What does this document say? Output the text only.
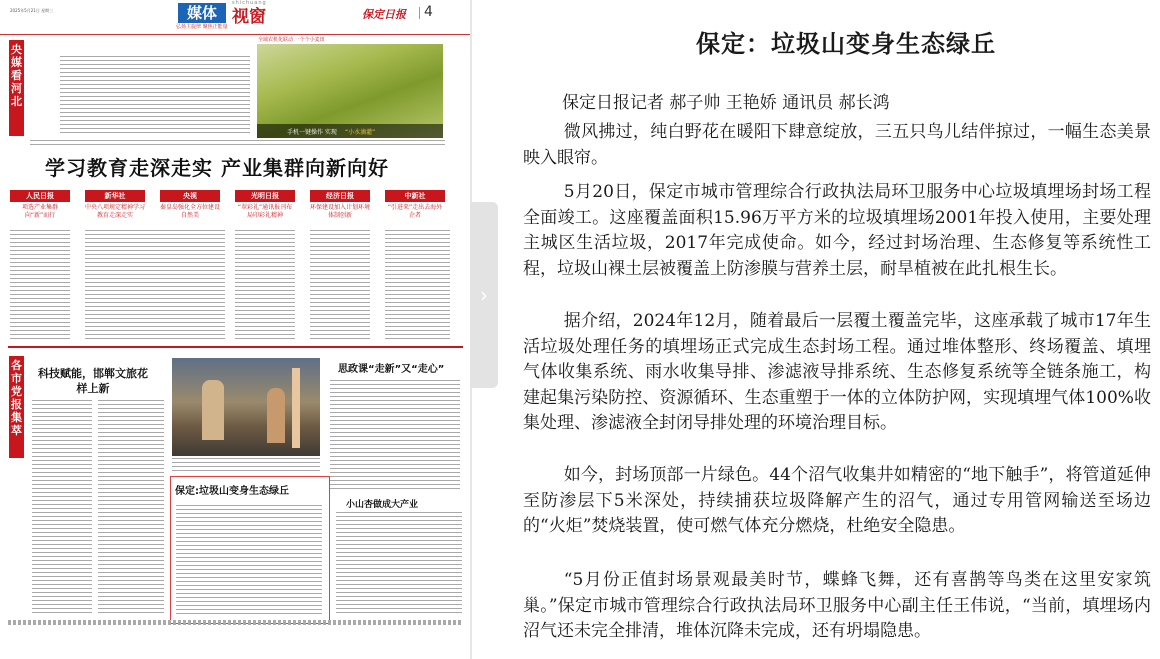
2025年5月21日 星期三	媒体
shichuang
视窗
弘扬主旋律 聚焦正能量
保定日报 4
央媒看河北
全域农机化联动 一个个小麦田
手机一键操作 实现 “小水滴灌”
学习教育走深走实 产业集群向新向好
人民日报
项选产业集群向“新”而行
新华社
中央八项规定精神学习教育走深走实
央视
秦皇岛强化全方位建设自然美
光明日报
“翠彩礼”通讯报刊布局印彩礼精神
经济日报
环保建设加入计划环境体制创新
中新社
“引进来”走出去海外企者
各市党报集萃
科技赋能，邯郸文旅花样上新
思政课“走新”又“走心”
保定:垃圾山变身生态绿丘
小山杏做成大产业
›
保定：垃圾山变身生态绿丘
保定日报记者 郝子帅 王艳娇 通讯员 郝长鸿

微风拂过，纯白野花在暖阳下肆意绽放，三五只鸟儿结伴掠过，一幅生态美景映入眼帘。

5月20日，保定市城市管理综合行政执法局环卫服务中心垃圾填埋场封场工程全面竣工。这座覆盖面积15.96万平方米的垃圾填埋场2001年投入使用，主要处理主城区生活垃圾，2017年完成使命。如今，经过封场治理、生态修复等系统性工程，垃圾山裸土层被覆盖上防渗膜与营养土层，耐旱植被在此扎根生长。

据介绍，2024年12月，随着最后一层覆土覆盖完毕，这座承载了城市17年生活垃圾处理任务的填埋场正式完成生态封场工程。通过堆体整形、终场覆盖、填埋气体收集系统、雨水收集导排、渗滤液导排系统、生态修复系统等全链条施工，构建起集污染防控、资源循环、生态重塑于一体的立体防护网，实现填埋气体100%收集处理、渗滤液全封闭导排处理的环境治理目标。

如今，封场顶部一片绿色。44个沼气收集井如精密的“地下触手”，将管道延伸至防渗层下5米深处，持续捕获垃圾降解产生的沼气，通过专用管网输送至场边的“火炬”焚烧装置，使可燃气体充分燃烧，杜绝安全隐患。

“5月份正值封场景观最美时节，蝶蜂飞舞，还有喜鹊等鸟类在这里安家筑巢。”保定市城市管理综合行政执法局环卫服务中心副主任王伟说，“当前，填埋场内沼气还未完全排清，堆体沉降未完成，还有坍塌隐患。
